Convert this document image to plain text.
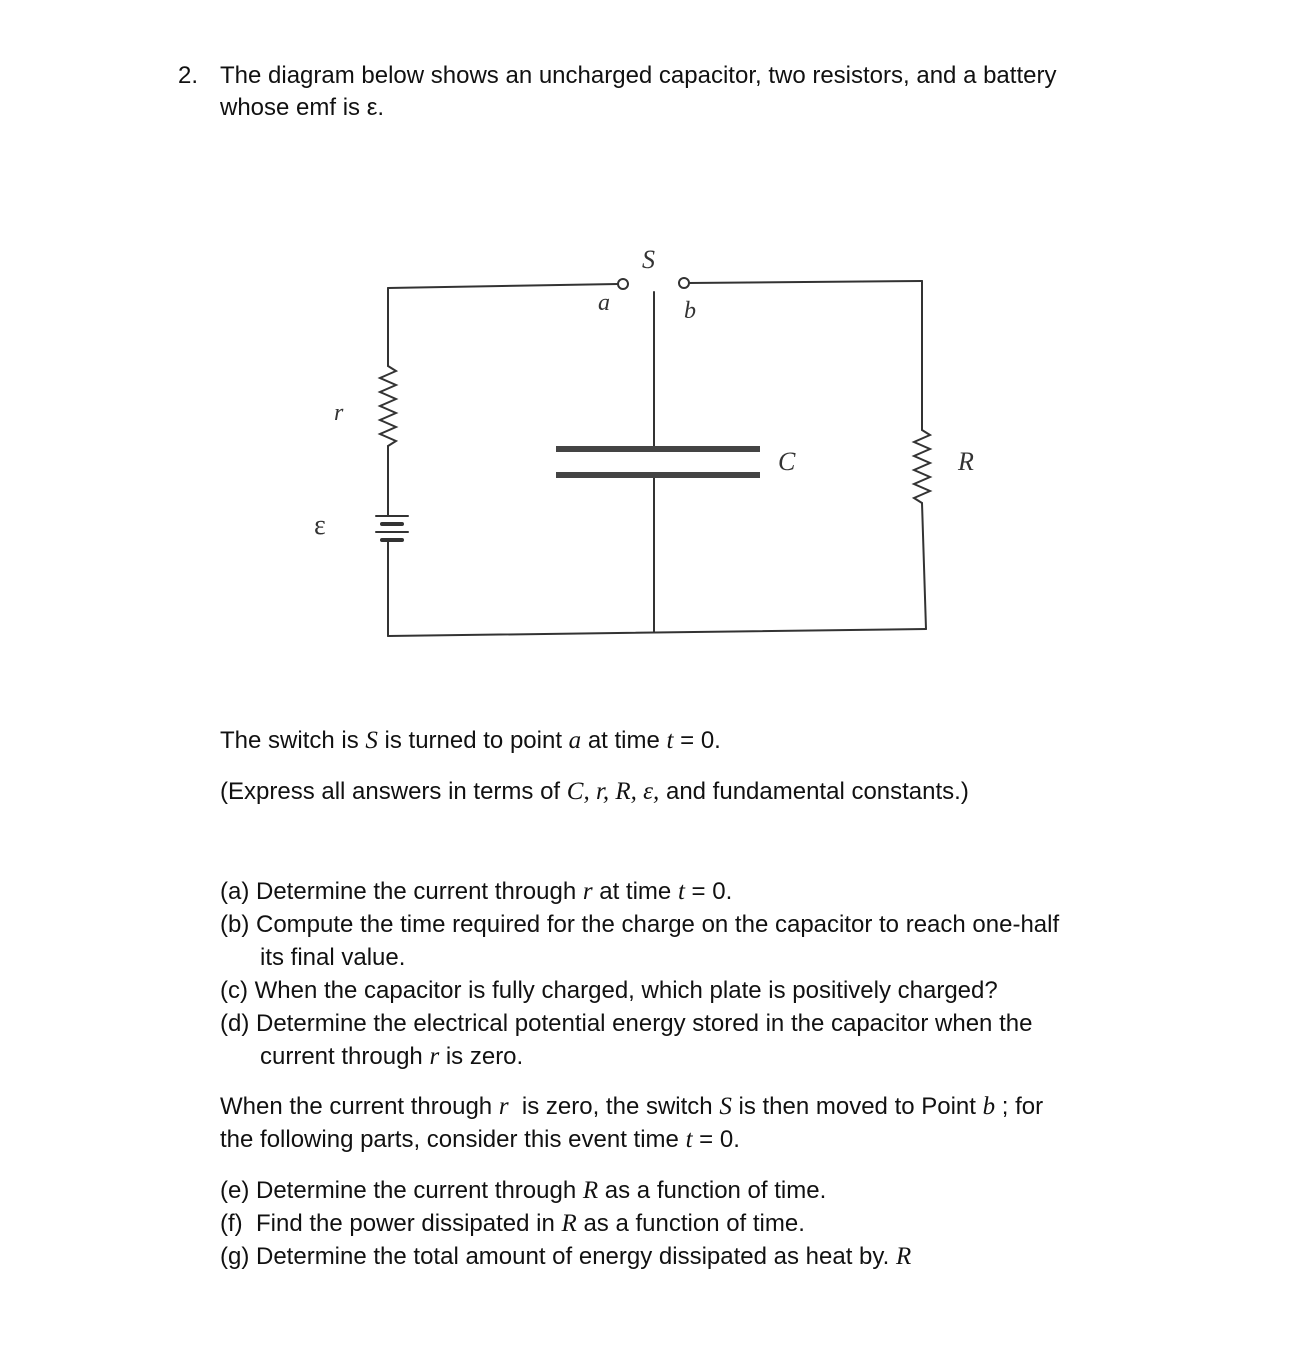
2. The diagram below shows an uncharged capacitor, two resistors, and a battery
whose emf is ε.
S
a	b
r
ε
C	R
The switch is S is turned to point a at time t = 0.
(Express all answers in terms of C, r, R, ε, and fundamental constants.)
(a) Determine the current through r at time t = 0.
(b) Compute the time required for the charge on the capacitor to reach one-half
its final value.
(c) When the capacitor is fully charged, which plate is positively charged?
(d) Determine the electrical potential energy stored in the capacitor when the
current through r is zero.
When the current through r  is zero, the switch S is then moved to Point b ; for
the following parts, consider this event time t = 0.
(e) Determine the current through R as a function of time.
(f)  Find the power dissipated in R as a function of time.
(g) Determine the total amount of energy dissipated as heat by. R
